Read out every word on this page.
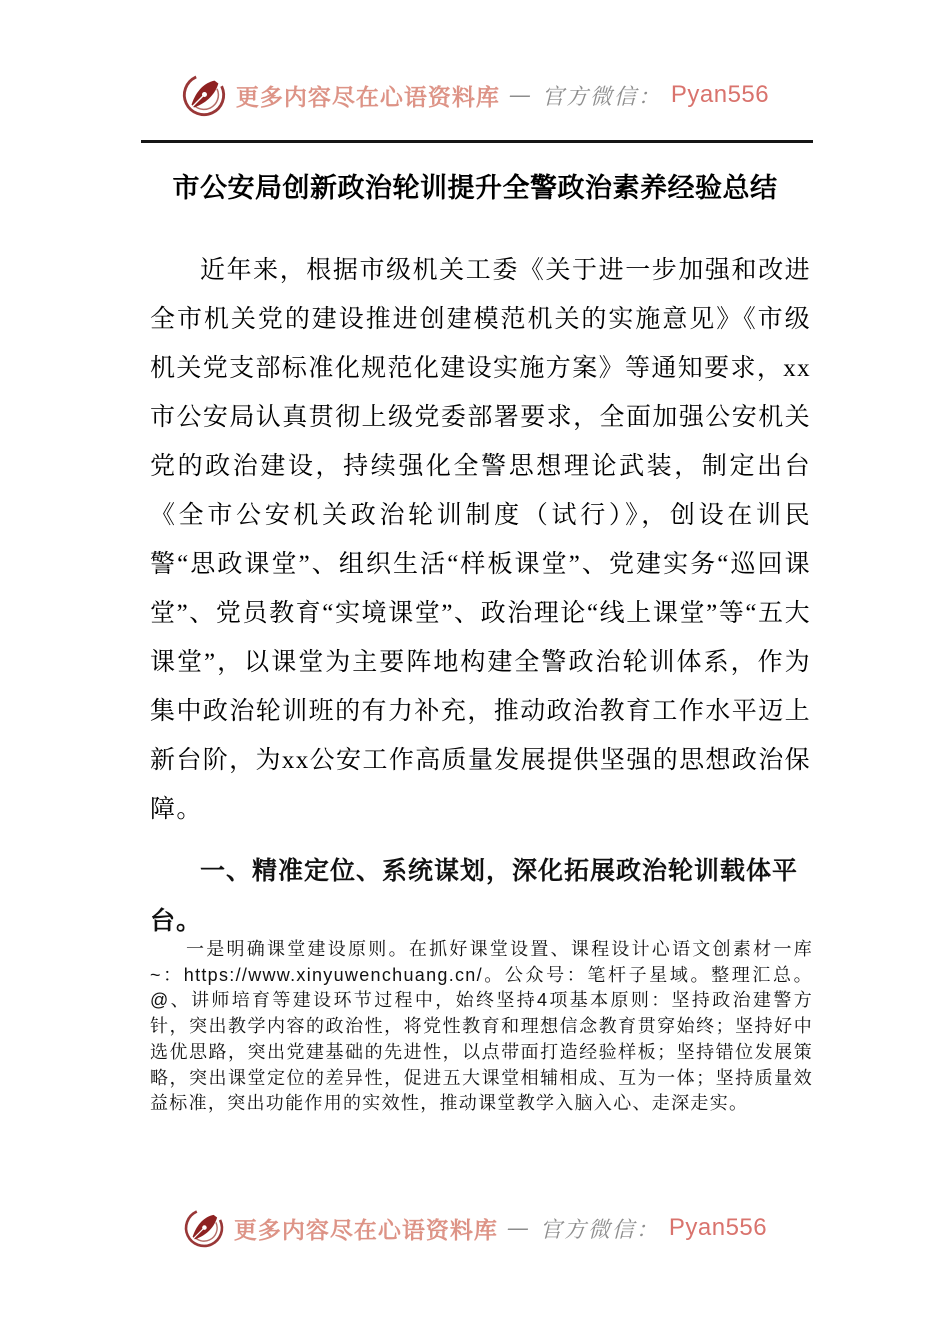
更多内容尽在心语资料库 — 官方微信： Pyan556
市公安局创新政治轮训提升全警政治素养经验总结

近年来，根据市级机关工委《关于进一步加强和改进全市机关党的建设推进创建模范机关的实施意见》《市级机关党支部标准化规范化建设实施方案》等通知要求，xx市公安局认真贯彻上级党委部署要求，全面加强公安机关党的政治建设，持续强化全警思想理论武装，制定出台《全市公安机关政治轮训制度（试行）》，创设在训民警“思政课堂”、组织生活“样板课堂”、党建实务“巡回课堂”、党员教育“实境课堂”、政治理论“线上课堂”等“五大课堂”，以课堂为主要阵地构建全警政治轮训体系，作为集中政治轮训班的有力补充，推动政治教育工作水平迈上新台阶，为xx公安工作高质量发展提供坚强的思想政治保障。

一、精准定位、系统谋划，深化拓展政治轮训载体平台。

一是明确课堂建设原则。在抓好课堂设置、课程设计心语文创素材一库~：https://www.xinyuwenchuang.cn/。公众号：笔杆子星域。整理汇总。@、讲师培育等建设环节过程中，始终坚持4项基本原则：坚持政治建警方针，突出教学内容的政治性，将党性教育和理想信念教育贯穿始终；坚持好中选优思路，突出党建基础的先进性，以点带面打造经验样板；坚持错位发展策略，突出课堂定位的差异性，促进五大课堂相辅相成、互为一体；坚持质量效益标准，突出功能作用的实效性，推动课堂教学入脑入心、走深走实。

更多内容尽在心语资料库 — 官方微信： Pyan556
